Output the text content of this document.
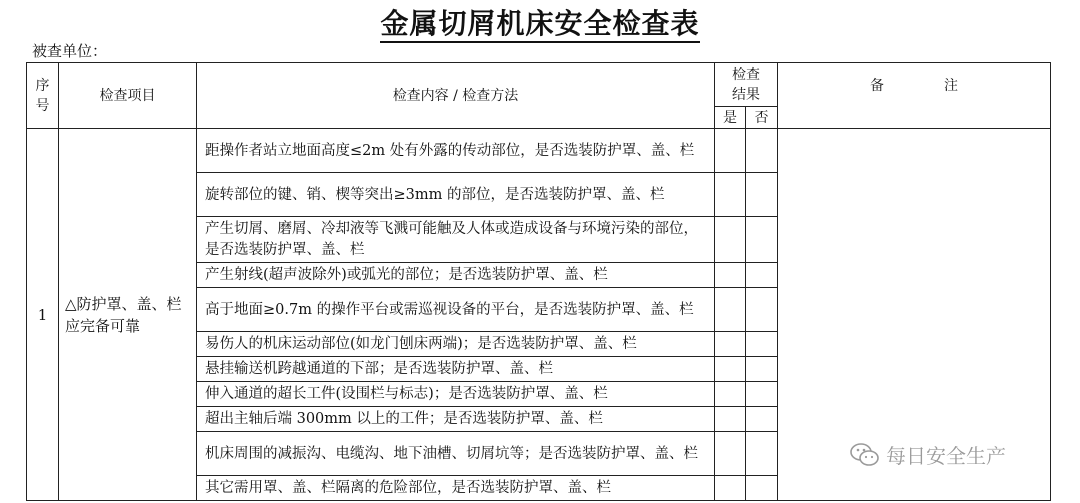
金属切屑机床安全检查表
被查单位：
序号	检查项目	检查内容 / 检查方法	检查结果		备 注
			是	否	
1	△防护罩、盖、栏应完备可靠	距操作者站立地面高度≤2m 处有外露的传动部位，是否选装防护罩、盖、栏			
		旋转部位的键、销、楔等突出≥3mm 的部位，是否选装防护罩、盖、栏			
		产生切屑、磨屑、冷却液等飞溅可能触及人体或造成设备与环境污染的部位，是否选装防护罩、盖、栏			
		产生射线(超声波除外)或弧光的部位；是否选装防护罩、盖、栏			
		高于地面≥0.7m 的操作平台或需巡视设备的平台，是否选装防护罩、盖、栏			
		易伤人的机床运动部位(如龙门刨床两端)；是否选装防护罩、盖、栏			
		悬挂输送机跨越通道的下部；是否选装防护罩、盖、栏			
		伸入通道的超长工件(设围栏与标志)；是否选装防护罩、盖、栏			
		超出主轴后端 300mm 以上的工件；是否选装防护罩、盖、栏			
		机床周围的减振沟、电缆沟、地下油槽、切屑坑等；是否选装防护罩、盖、栏			
		其它需用罩、盖、栏隔离的危险部位，是否选装防护罩、盖、栏			
每日安全生产
